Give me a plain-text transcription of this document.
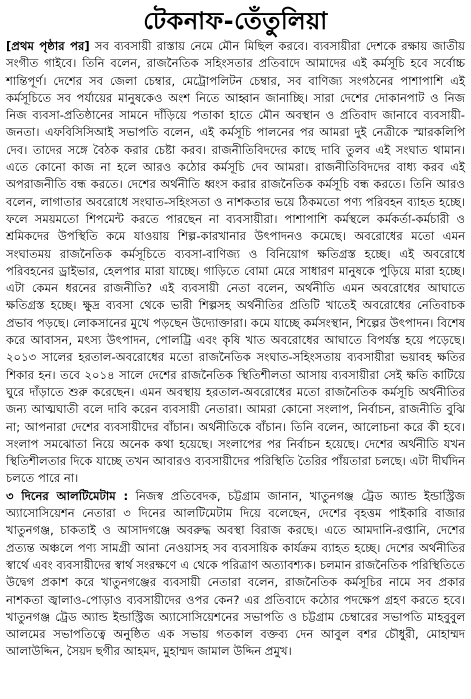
টেকনাফ-তেঁতুলিয়া

[প্রথম পৃষ্ঠার পর] সব ব্যবসায়ী রাস্তায় নেমে মৌন মিছিল করবে। ব্যবসায়ীরা দেশকে রক্ষায় জাতীয় সংগীত গাইবে। তিনি বলেন, রাজনৈতিক সহিংসতার প্রতিবাদে আমাদের এই কর্মসূচি হবে সর্বোচ্চ শান্তিপূর্ণ। দেশের সব জেলা চেম্বার, মেট্রোপলিটন চেম্বার, সব বাণিজ্য সংগঠনের পাশাপাশি এই কর্মসূচিতে সব পর্যায়ের মানুষকেও অংশ নিতে আহ্বান জানাচ্ছি। সারা দেশের দোকানপাট ও নিজ নিজ ব্যবসা-প্রতিষ্ঠানের সামনে দাঁড়িয়ে পতাকা হাতে মৌন অবস্থান ও প্রতিবাদ জানাবে ব্যবসায়ী-জনতা। এফবিসিসিআই সভাপতি বলেন, এই কর্মসূচি পালনের পর আমরা দুই নেত্রীকে স্মারকলিপি দেব। তাদের সঙ্গে বৈঠক করার চেষ্টা করব। রাজনীতিবিদদের কাছে দাবি তুলব এই সংঘাত থামান। এতে কোনো কাজ না হলে আরও কঠোর কর্মসূচি দেব আমরা। রাজনীতিবিদদের বাধ্য করব এই অপরাজনীতি বন্ধ করতে। দেশের অর্থনীতি ধ্বংস করার রাজনৈতিক কর্মসূচি বন্ধ করতে। তিনি আরও বলেন, লাগাতার অবরোধে সংঘাত-সহিংসতা ও নাশকতার ভয়ে ঠিকমতো পণ্য পরিবহন ব্যাহত হচ্ছে। ফলে সময়মতো শিপমেন্ট করতে পারছেন না ব্যবসায়ীরা। পাশাপাশি কর্মস্থলে কর্মকর্তা-কর্মচারী ও শ্রমিকদের উপস্থিতি কমে যাওয়ায় শিল্প-কারখানার উৎপাদনও কমেছে। অবরোধের মতো এমন সংঘাতময় রাজনৈতিক কর্মসূচিতে ব্যবসা-বাণিজ্য ও বিনিয়োগ ক্ষতিগ্রস্ত হচ্ছে। এই অবরোধে পরিবহনের ড্রাইভার, হেলপার মারা যাচ্ছে। গাড়িতে বোমা মেরে সাধারণ মানুষকে পুড়িয়ে মারা হচ্ছে। এটা কেমন ধরনের রাজনীতি? এই ব্যবসায়ী নেতা বলেন, অর্থনীতি এমন অবরোধের আঘাতে ক্ষতিগ্রস্ত হচ্ছে। ক্ষুদ্র ব্যবসা থেকে ভারী শিল্পসহ অর্থনীতির প্রতিটি খাতেই অবরোধের নেতিবাচক প্রভাব পড়ছে। লোকসানের মুখে পড়ছেন উদ্যোক্তারা। কমে যাচ্ছে কর্মসংস্থান, শিল্পের উৎপাদন। বিশেষ করে আবাসন, মৎস্য উৎপাদন, পোলট্রি এবং কৃষি খাত অবরোধের আঘাতে বিপর্যস্ত হয়ে পড়েছে। ২০১৩ সালের হরতাল-অবরোধের মতো রাজনৈতিক সংঘাত-সহিংসতায় ব্যবসায়ীরা ভয়াবহ ক্ষতির শিকার হন। তবে ২০১৪ সালে দেশের রাজনৈতিক স্থিতিশীলতা আসায় ব্যবসায়ীরা সেই ক্ষতি কাটিয়ে ঘুরে দাঁড়াতে শুরু করেছেন। এমন অবস্থায় হরতাল-অবরোধের মতো রাজনৈতিক কর্মসূচি অর্থনীতির জন্য আত্মঘাতী বলে দাবি করেন ব্যবসায়ী নেতারা। আমরা কোনো সংলাপ, নির্বাচন, রাজনীতি বুঝি না; আপনারা দেশের ব্যবসায়ীদের বাঁচান। অর্থনীতিকে বাঁচান। তিনি বলেন, আলোচনা করে কী হবে। সংলাপ সমঝোতা নিয়ে অনেক কথা হয়েছে। সংলাপের পর নির্বাচন হয়েছে। দেশের অর্থনীতি যখন স্থিতিশীলতার দিকে যাচ্ছে তখন আবারও ব্যবসায়ীদের পরিস্থিতি তৈরির পাঁয়তারা চলছে। এটা দীর্ঘদিন চলতে পারে না।

৩ দিনের আলটিমেটাম : নিজস্ব প্রতিবেদক, চট্টগ্রাম জানান, খাতুনগঞ্জ ট্রেড অ্যান্ড ইন্ডাস্ট্রিজ অ্যাসোসিয়েশন নেতারা ৩ দিনের আলটিমেটাম দিয়ে বলেছেন, দেশের বৃহত্তম পাইকারি বাজার খাতুনগঞ্জ, চাকতাই ও আসাদগঞ্জে অবরুদ্ধ অবস্থা বিরাজ করছে। এতে আমদানি-রপ্তানি, দেশের প্রত্যন্ত অঞ্চলে পণ্য সামগ্রী আনা নেওয়াসহ সব ব্যবসায়িক কার্যক্রম ব্যাহত হচ্ছে। দেশের অর্থনীতির স্বার্থে এবং ব্যবসায়ীদের স্বার্থ সংরক্ষণে এ থেকে পরিত্রাণ অত্যাবশ্যক। চলমান রাজনৈতিক পরিস্থিতিতে উদ্বেগ প্রকাশ করে খাতুনগঞ্জের ব্যবসায়ী নেতারা বলেন, রাজনৈতিক কর্মসূচির নামে সব প্রকার নাশকতা জ্বালাও-পোড়াও ব্যবসায়ীদের ওপর কেন? এর প্রতিবাদে কঠোর পদক্ষেপ গ্রহণ করতে হবে। খাতুনগঞ্জ ট্রেড অ্যান্ড ইন্ডাস্ট্রিজ অ্যাসোসিয়েশনের সভাপতি ও চট্টগ্রাম চেম্বারের সভাপতি মাহবুবুল আলমের সভাপতিত্বে অনুষ্ঠিত এক সভায় গতকাল বক্তব্য দেন আবুল বশর চৌধুরী, মোহাম্মদ আলাউদ্দিন, সৈয়দ ছগীর আহমদ, মুহাম্মদ জামাল উদ্দিন প্রমুখ।
